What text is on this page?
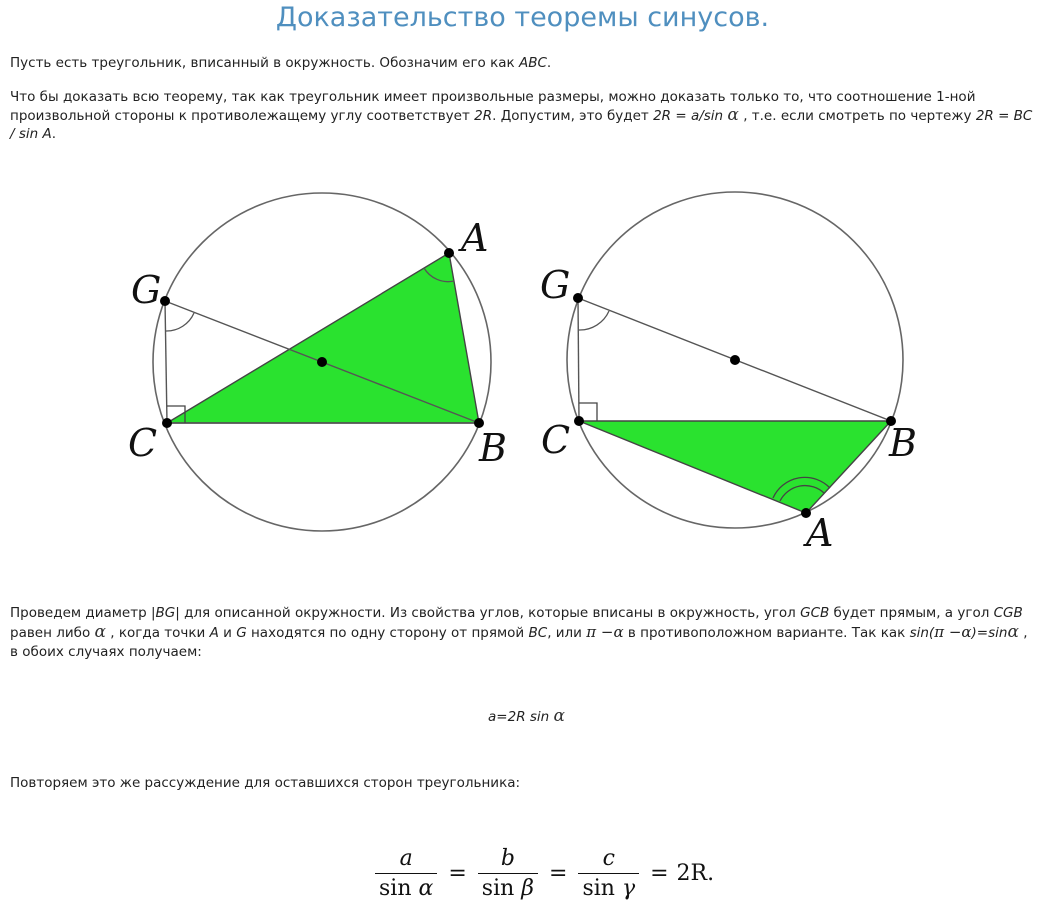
Доказательство теоремы синусов.

Пусть есть треугольник, вписанный в окружность. Обозначим его как ABC.

Что бы доказать всю теорему, так как треугольник имеет произвольные размеры, можно доказать только то, что соотношение 1-ной произвольной стороны к противолежащему углу соответствует 2R. Допустим, это будет 2R = a/sin α , т.е. если смотреть по чертежу 2R = BC / sin A.

A
G
C	B
G
C	B
A

Проведем диаметр |BG| для описанной окружности. Из свойства углов, которые вписаны в окружность, угол GCB будет прямым, а угол CGB равен либо α , когда точки A и G находятся по одну сторону от прямой BC, или π −α в противоположном варианте. Так как sin(π −α)=sinα , в обоих случаях получаем:

a=2R sin α

Повторяем это же рассуждение для оставшихся сторон треугольника:

$\frac{a}{\text{sin α}} = \frac{b}{\text{sin β}} = \frac{c}{\text{sin γ}} = 2R$.
